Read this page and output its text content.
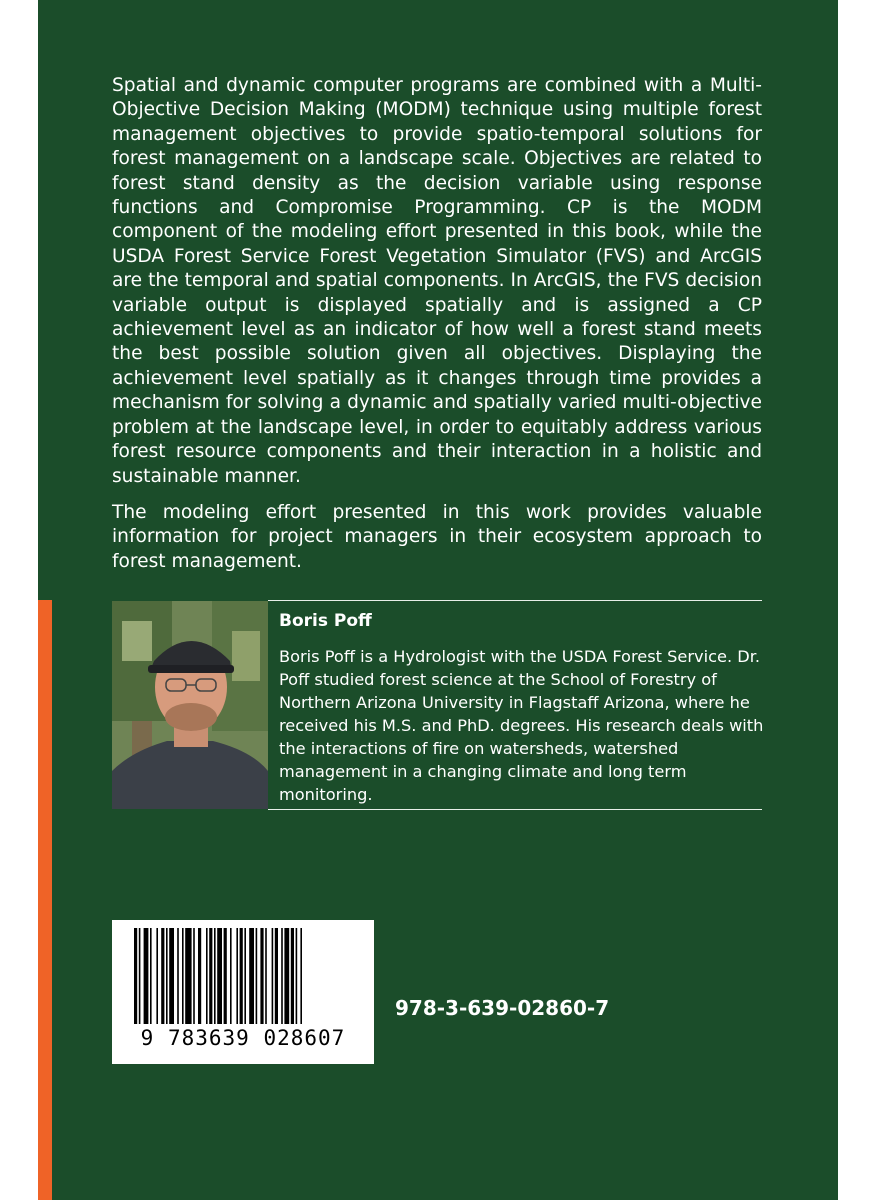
Spatial and dynamic computer programs are combined with a Multi-Objective Decision Making (MODM) technique using multiple forest management objectives to provide spatio-temporal solutions for forest management on a landscape scale. Objectives are related to forest stand density as the decision variable using response functions and Compromise Programming. CP is the MODM component of the modeling effort presented in this book, while the USDA Forest Service Forest Vegetation Simulator (FVS) and ArcGIS are the temporal and spatial components. In ArcGIS, the FVS decision variable output is displayed spatially and is assigned a CP achievement level as an indicator of how well a forest stand meets the best possible solution given all objectives. Displaying the achievement level spatially as it changes through time provides a mechanism for solving a dynamic and spatially varied multi-objective problem at the landscape level, in order to equitably address various forest resource components and their interaction in a holistic and sustainable manner.

The modeling effort presented in this work provides valuable information for project managers in their ecosystem approach to forest management.

Boris Poff
Boris Poff is a Hydrologist with the USDA Forest Service. Dr. Poff studied forest science at the School of Forestry of Northern Arizona University in Flagstaff Arizona, where he received his M.S. and PhD. degrees. His research deals with the interactions of fire on watersheds, watershed management in a changing climate and long term monitoring.
9 783639 028607
978-3-639-02860-7
